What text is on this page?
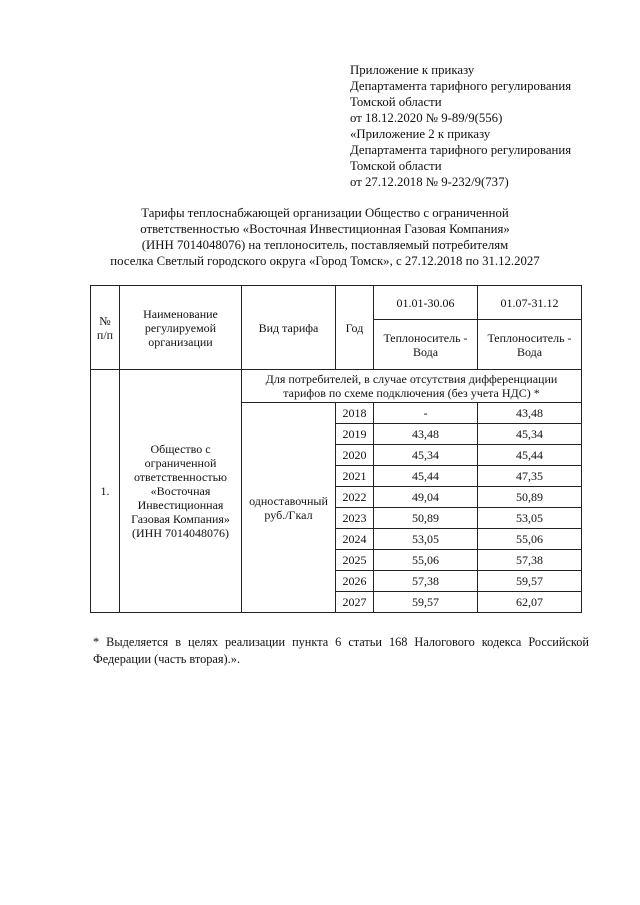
Приложение к приказу
Департамента тарифного регулирования
Томской области
от 18.12.2020 № 9-89/9(556)
«Приложение 2 к приказу
Департамента тарифного регулирования
Томской области
от 27.12.2018 № 9-232/9(737)
Тарифы теплоснабжающей организации Общество с ограниченной
ответственностью «Восточная Инвестиционная Газовая Компания»
(ИНН 7014048076) на теплоноситель, поставляемый потребителям
поселка Светлый городского округа «Город Томск», с 27.12.2018 по 31.12.2027
№ п/п	Наименование регулируемой организации	Вид тарифа	Год	01.01-30.06	01.07-31.12
				Теплоноситель - Вода	Теплоноситель - Вода
1.	Общество с ограниченной ответственностью «Восточная Инвестиционная Газовая Компания» (ИНН 7014048076)	Для потребителей, в случае отсутствия дифференциации тарифов по схеме подключения (без учета НДС) *			
		одноставочный руб./Гкал	2018	-	43,48
			2019	43,48	45,34
			2020	45,34	45,44
			2021	45,44	47,35
			2022	49,04	50,89
			2023	50,89	53,05
			2024	53,05	55,06
			2025	55,06	57,38
			2026	57,38	59,57
			2027	59,57	62,07
* Выделяется в целях реализации пункта 6 статьи 168 Налогового кодекса Российской Федерации (часть вторая).».
